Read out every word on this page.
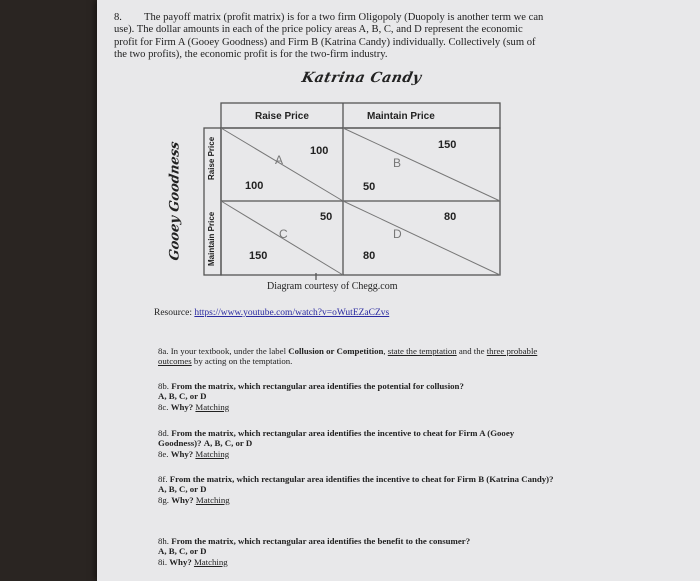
8. The payoff matrix (profit matrix) is for a two firm Oligopoly (Duopoly is another term we can use). The dollar amounts in each of the price policy areas A, B, C, and D represent the economic profit for Firm A (Gooey Goodness) and Firm B (Katrina Candy) individually. Collectively (sum of the two profits), the economic profit is for the two-firm industry.
Katrina Candy
Raise Price	Maintain Price
Raise Price
Maintain Price
Gooey Goodness	100
A
100
150
B
50
50
C
150
80
D
80
Diagram courtesy of Chegg.com
Resource: https://www.youtube.com/watch?v=oWutEZaCZvs
8a. In your textbook, under the label Collusion or Competition, state the temptation and the three probable outcomes by acting on the temptation.
8b. From the matrix, which rectangular area identifies the potential for collusion?
A, B, C, or D
8c. Why? Matching
8d. From the matrix, which rectangular area identifies the incentive to cheat for Firm A (Gooey Goodness)? A, B, C, or D
8e. Why? Matching
8f. From the matrix, which rectangular area identifies the incentive to cheat for Firm B (Katrina Candy)? A, B, C, or D
8g. Why? Matching
8h. From the matrix, which rectangular area identifies the benefit to the consumer?
A, B, C, or D
8i. Why? Matching
